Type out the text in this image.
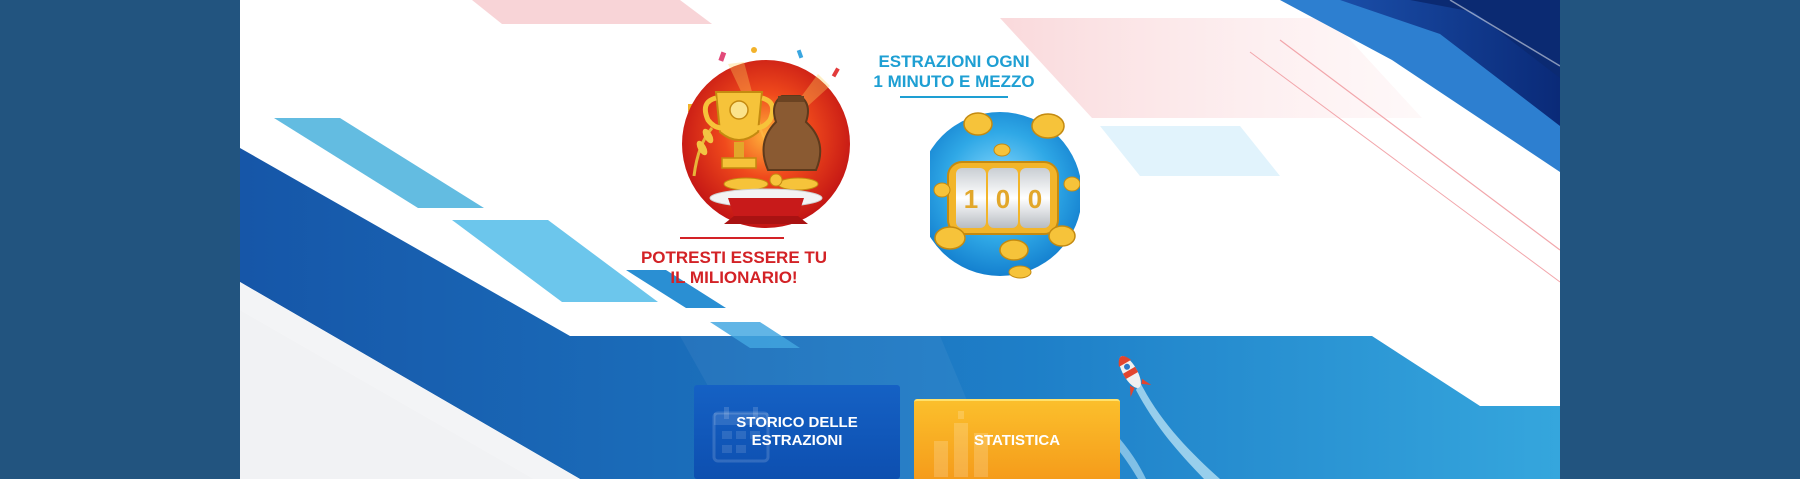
POTRESTI ESSERE TU

IL MILIONARIO!

ESTRAZIONI OGNI

1 MINUTO E MEZZO

1 0 0
STORICO DELLE
ESTRAZIONI	STATISTICA
